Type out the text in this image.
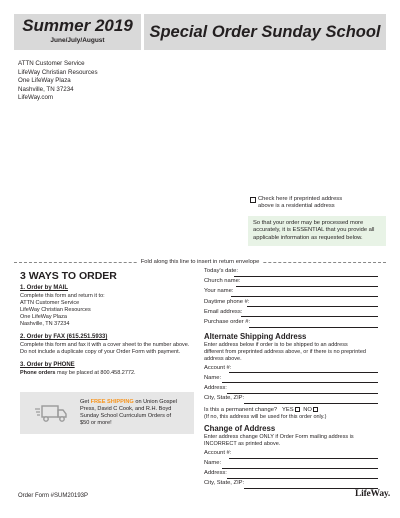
Summer 2019
June/July/August	Special Order Sunday School
ATTN Customer Service
LifeWay Christian Resources
One LifeWay Plaza
Nashville, TN 37234
LifeWay.com
Check here if preprinted address
above is a residential address
So that your order may be processed more
accurately, it is ESSENTIAL that you provide all
applicable information as requested below.
Fold along this line to insert in return envelope
3 WAYS TO ORDER
1. Order by MAIL
Complete this form and return it to:
ATTN Customer Service
LifeWay Christian Resources
One LifeWay Plaza
Nashville, TN 37234
2. Order by FAX (615.251.5933)
Complete this form and fax it with a cover sheet to the number above.
Do not include a duplicate copy of your Order Form with payment.
3. Order by PHONE
Phone orders may be placed at 800.458.2772.
Get FREE SHIPPING on Union Gospel
Press, David C Cook, and R.H. Boyd
Sunday School Curriculum Orders of
$50 or more!
Today's date:
Church name:
Your name:
Daytime phone #:
Email address:
Purchase order #:
Alternate Shipping Address
Enter address below if order is to be shipped to an address
different from preprinted address above, or if there is no preprinted
address above.
Account #:
Name:
Address:
City, State, ZIP:
Is this a permanent change? YES NO
(If no, this address will be used for this order only.)
Change of Address
Enter address change ONLY if Order Form mailing address is
INCORRECT as printed above.
Account #:
Name:
Address:
City, State, ZIP:
Order Form #SUM20193P	LifeWay.
